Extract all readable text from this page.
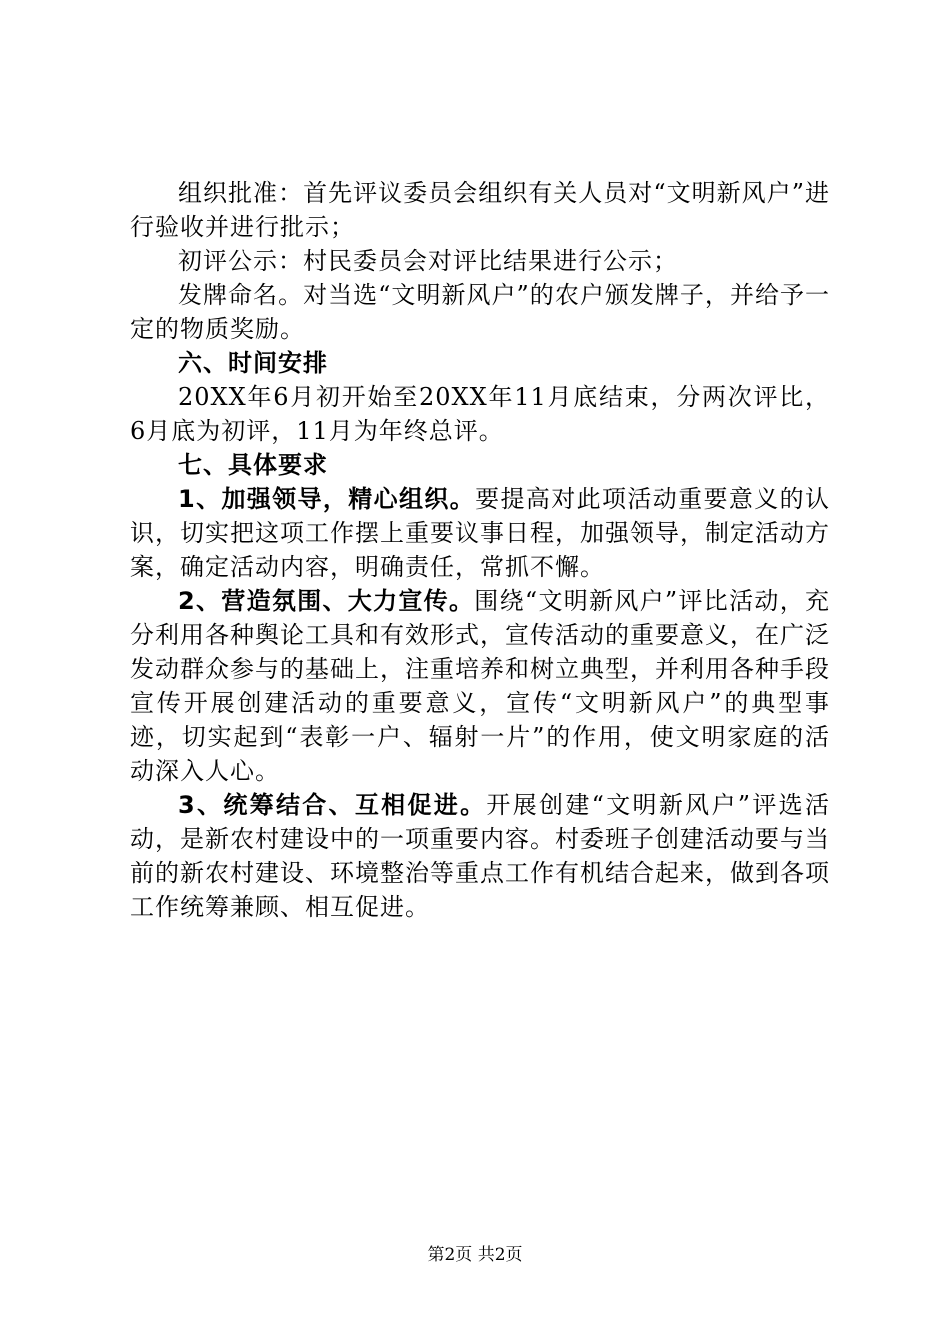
组织批准：首先评议委员会组织有关人员对“文明新风户”进行验收并进行批示；

初评公示：村民委员会对评比结果进行公示；

发牌命名。对当选“文明新风户”的农户颁发牌子，并给予一定的物质奖励。

六、时间安排

20XX年6月初开始至20XX年11月底结束，分两次评比，6月底为初评，11月为年终总评。

七、具体要求

1、加强领导，精心组织。要提高对此项活动重要意义的认识，切实把这项工作摆上重要议事日程，加强领导，制定活动方案，确定活动内容，明确责任，常抓不懈。

2、营造氛围、大力宣传。围绕“文明新风户”评比活动，充分利用各种舆论工具和有效形式，宣传活动的重要意义，在广泛发动群众参与的基础上，注重培养和树立典型，并利用各种手段宣传开展创建活动的重要意义，宣传“文明新风户”的典型事迹，切实起到“表彰一户、辐射一片”的作用，使文明家庭的活动深入人心。

3、统筹结合、互相促进。开展创建“文明新风户”评选活动，是新农村建设中的一项重要内容。村委班子创建活动要与当前的新农村建设、环境整治等重点工作有机结合起来，做到各项工作统筹兼顾、相互促进。

第2页 共2页
